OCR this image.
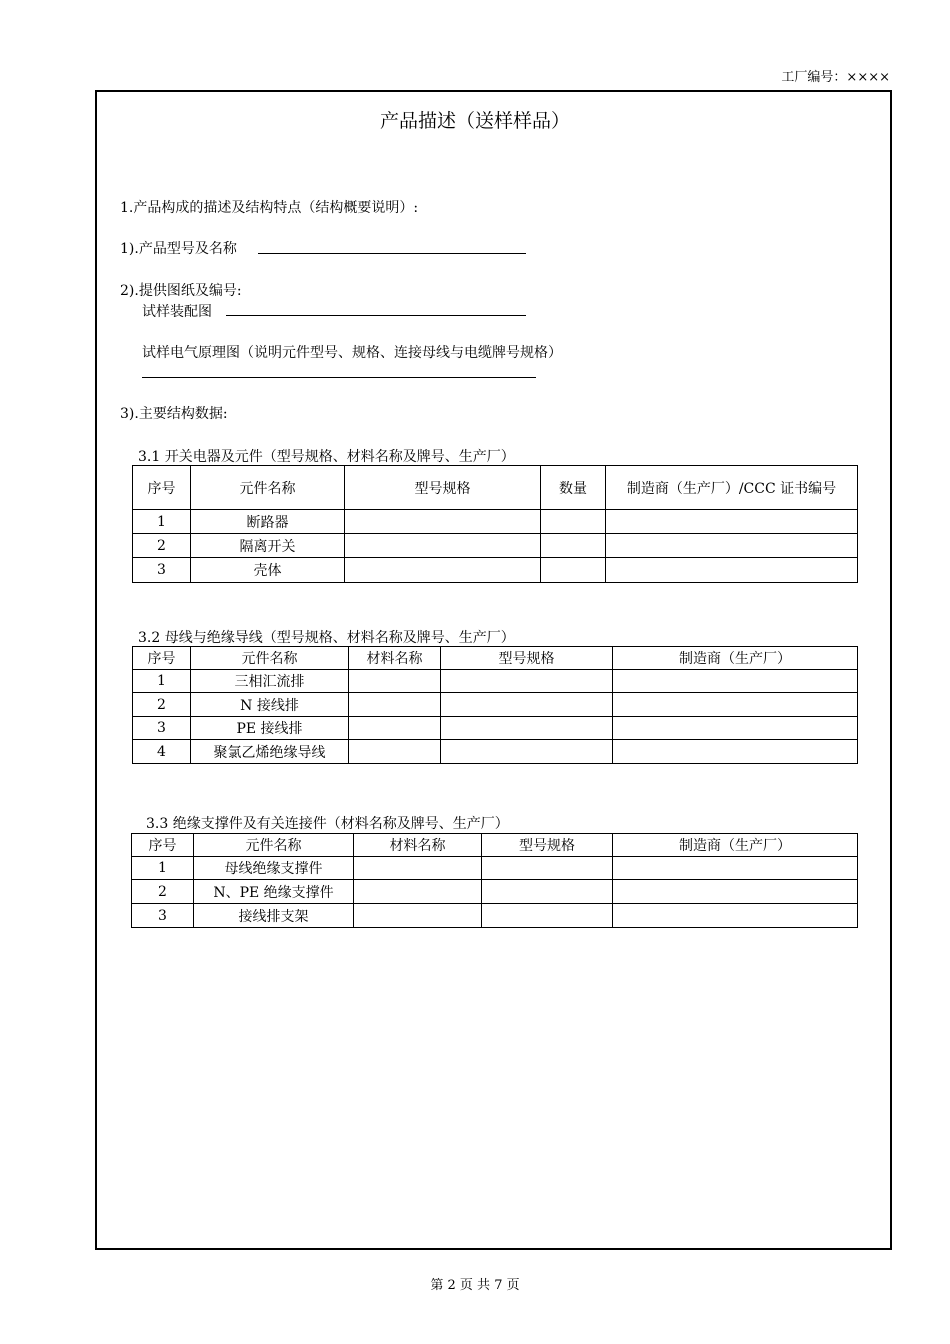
工厂编号：××××
产品描述（送样样品）
1.产品构成的描述及结构特点（结构概要说明）:
1).产品型号及名称
2).提供图纸及编号:
试样装配图
试样电气原理图（说明元件型号、规格、连接母线与电缆牌号规格）
3).主要结构数据:
3.1 开关电器及元件（型号规格、材料名称及牌号、生产厂）
序号	元件名称	型号规格	数量	制造商（生产厂）/CCC 证书编号
1	断路器			
2	隔离开关			
3	壳体			
3.2 母线与绝缘导线（型号规格、材料名称及牌号、生产厂）
序号	元件名称	材料名称	型号规格	制造商（生产厂）
1	三相汇流排			
2	N 接线排			
3	PE 接线排			
4	聚氯乙烯绝缘导线			
3.3 绝缘支撑件及有关连接件（材料名称及牌号、生产厂）
序号	元件名称	材料名称	型号规格	制造商（生产厂）
1	母线绝缘支撑件			
2	N、PE 绝缘支撑件			
3	接线排支架			
第 2 页 共 7 页
